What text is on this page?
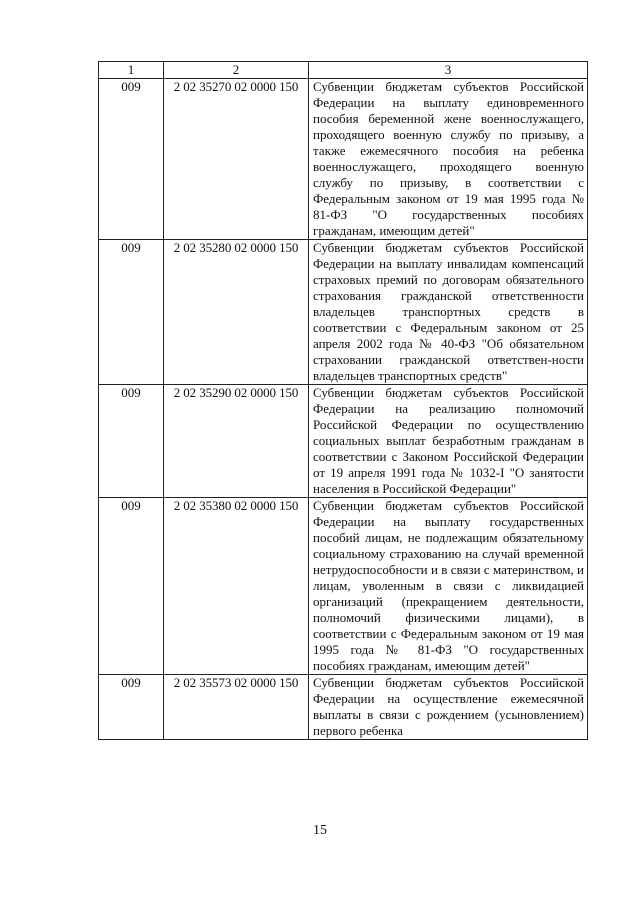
1	2	3
009	2 02 35270 02 0000 150	Субвенции бюджетам субъектов Российской Федерации на выплату единовременного пособия беременной жене военнослужащего, проходящего военную службу по призыву, а также ежемесячного пособия на ребенка военнослужащего, проходящего военную службу по призыву, в соответствии с Федеральным законом от 19 мая 1995 года № 81-ФЗ "О государственных пособиях гражданам, имеющим детей"
009	2 02 35280 02 0000 150	Субвенции бюджетам субъектов Российской Федерации на выплату инвалидам компенсаций страховых премий по договорам обязательного страхования гражданской ответственности владельцев транспортных средств в соответствии с Федеральным законом от 25 апреля 2002 года № 40-ФЗ "Об обязательном страховании гражданской ответствен-ности владельцев транспортных средств"
009	2 02 35290 02 0000 150	Субвенции бюджетам субъектов Российской Федерации на реализацию полномочий Российской Федерации по осуществлению социальных выплат безработным гражданам в соответствии с Законом Российской Федерации от 19 апреля 1991 года № 1032-I "О занятости населения в Российской Федерации"
009	2 02 35380 02 0000 150	Субвенции бюджетам субъектов Российской Федерации на выплату государственных пособий лицам, не подлежащим обязательному социальному страхованию на случай временной нетрудоспособности и в связи с материнством, и лицам, уволенным в связи с ликвидацией организаций (прекращением деятельности, полномочий физическими лицами), в соответствии с Федеральным законом от 19 мая 1995 года № 81-ФЗ "О государственных пособиях гражданам, имеющим детей"
009	2 02 35573 02 0000 150	Субвенции бюджетам субъектов Российской Федерации на осуществление ежемесячной выплаты в связи с рождением (усыновлением) первого ребенка
15
